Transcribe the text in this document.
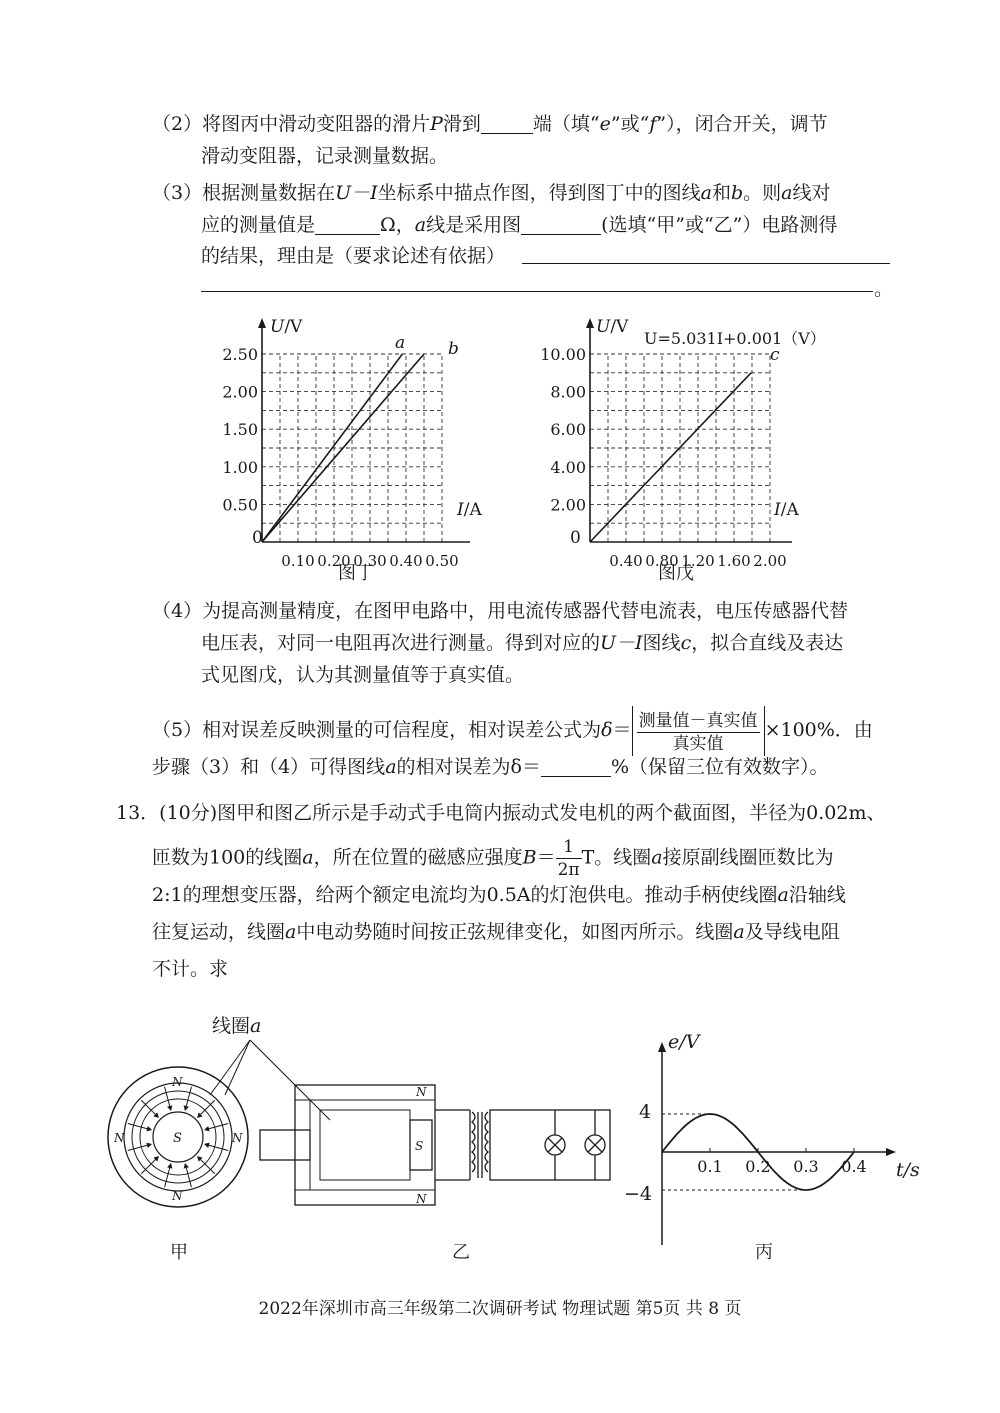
（2）将图丙中滑动变阻器的滑片P滑到	端（填“e”或“f”），闭合开关，调节
滑动变阻器，记录测量数据。
（3）根据测量数据在U－I坐标系中描点作图，得到图丁中的图线a和b。则a线对
应的测量值是	Ω，a线是采用图	(选填“甲”或“乙”）电路测得
的结果，理由是（要求论述有依据）
。
U/V
I/A
0
2.50
2.00
1.50
1.00
0.50
0.10 0.20 0.30 0.40 0.50
a	b
图丁
U/V
U=5.031I+0.001（V）
I/A
0
10.00
8.00
6.00
4.00
2.00
0.40 0.80 1.20 1.60 2.00
c
图戊
（4）为提高测量精度，在图甲电路中，用电流传感器代替电流表，电压传感器代替
电压表，对同一电阻再次进行测量。得到对应的U－I图线c，拟合直线及表达
式见图戊，认为其测量值等于真实值。
（5）相对误差反映测量的可信程度，相对误差公式为$\delta= \frac{\text{测量值－真实值}}{\text{真实值}} \times 100\%$．由
步骤（3）和（4）可得图线a的相对误差为δ＝	%（保留三位有效数字）。
13．(10分)图甲和图乙所示是手动式手电筒内振动式发电机的两个截面图，半径为0.02m、
匝数为100的线圈a，所在位置的磁感应强度$B= \frac{1}{2\pi}$ T。线圈a接原副线圈匝数比为
2:1的理想变压器，给两个额定电流均为0.5A的灯泡供电。推动手柄使线圈a沿轴线
往复运动，线圈a中电动势随时间按正弦规律变化，如图丙所示。线圈a及导线电阻
不计。求
N
N
N	N
S
甲
线圈a
S
N
N
乙
0.1 0.2 0.3 0.4
e/V
t/s
4
−4
丙
2022年深圳市高三年级第二次调研考试 物理试题 第5页 共 8 页
